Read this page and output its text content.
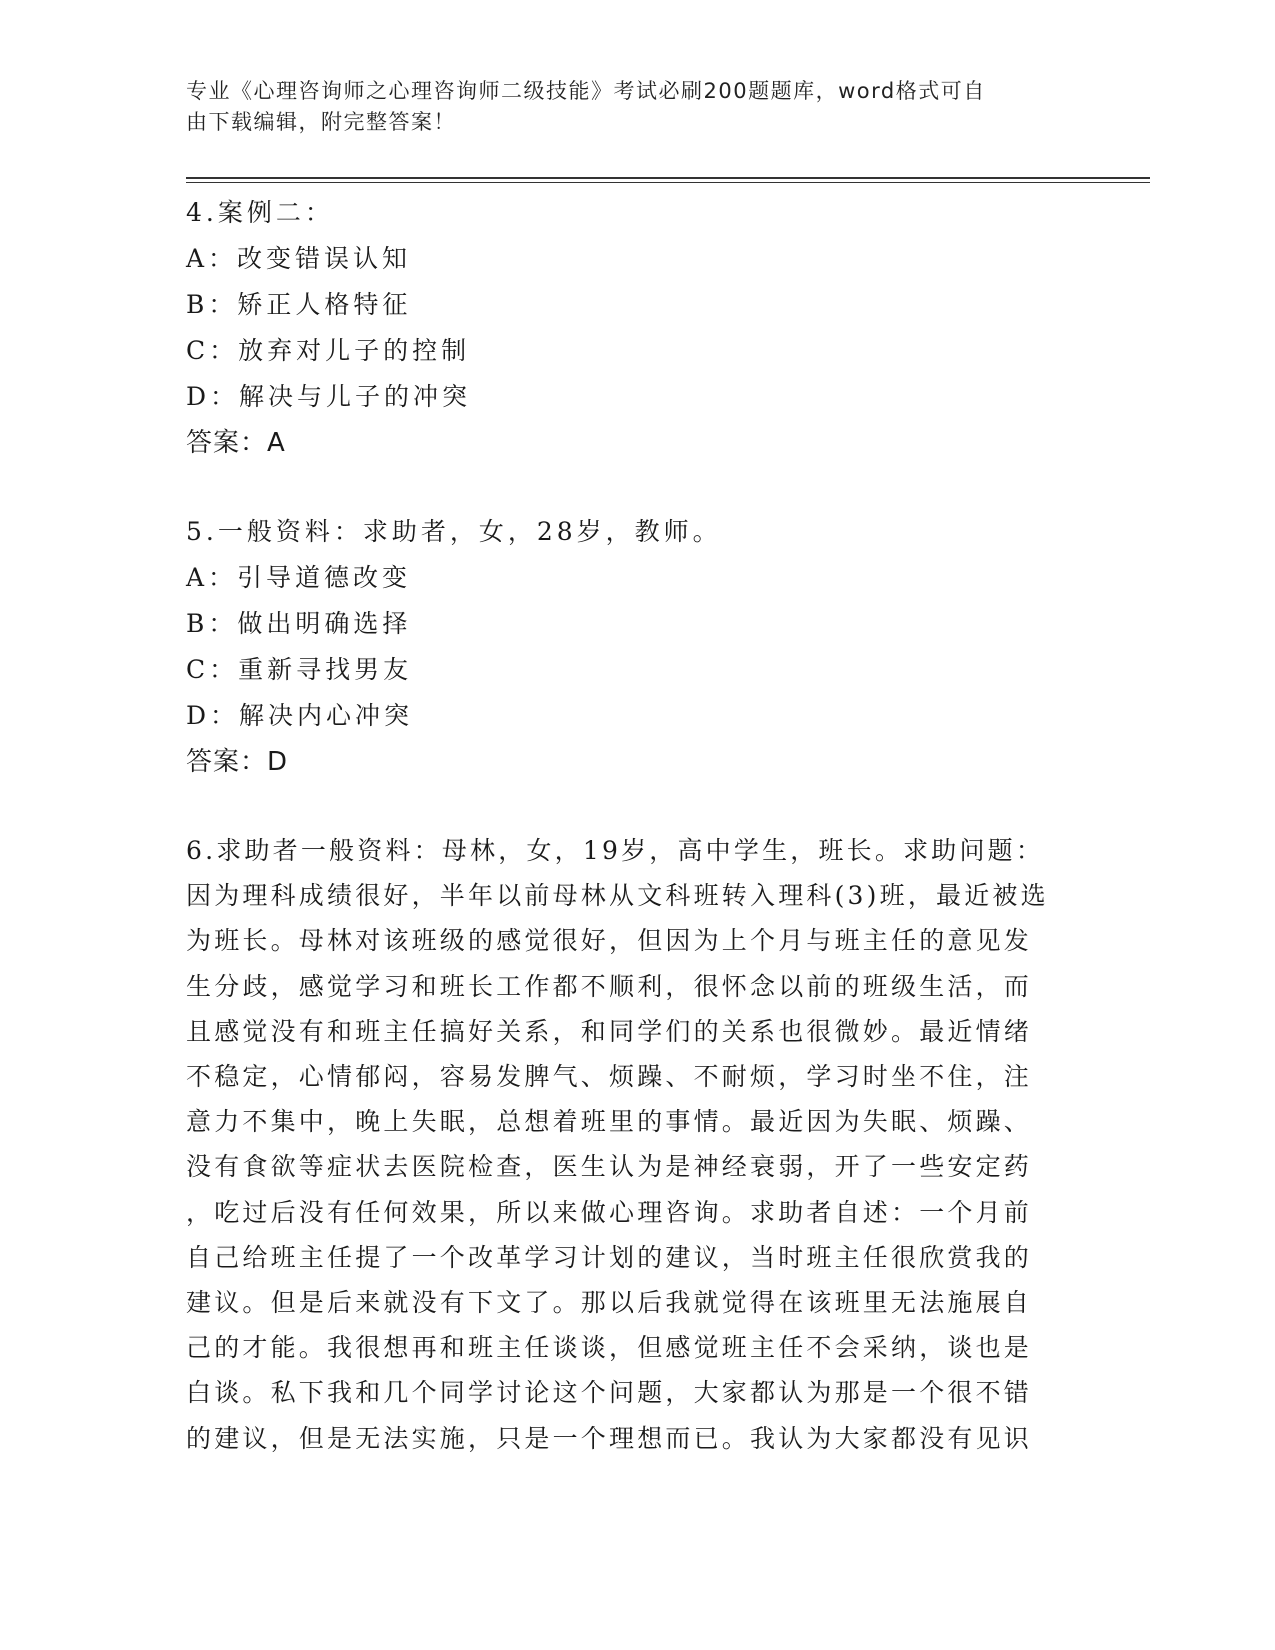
专业《心理咨询师之心理咨询师二级技能》考试必刷200题题库，word格式可自
由下载编辑，附完整答案！
4.案例二：
A：改变错误认知
B：矫正人格特征
C：放弃对儿子的控制
D：解决与儿子的冲突
答案：A
5.一般资料：求助者，女，28岁，教师。
A：引导道德改变
B：做出明确选择
C：重新寻找男友
D：解决内心冲突
答案：D
6.求助者一般资料：母林，女，19岁，高中学生，班长。求助问题：
因为理科成绩很好，半年以前母林从文科班转入理科(3)班，最近被选
为班长。母林对该班级的感觉很好，但因为上个月与班主任的意见发
生分歧，感觉学习和班长工作都不顺利，很怀念以前的班级生活，而
且感觉没有和班主任搞好关系，和同学们的关系也很微妙。最近情绪
不稳定，心情郁闷，容易发脾气、烦躁、不耐烦，学习时坐不住，注
意力不集中，晚上失眠，总想着班里的事情。最近因为失眠、烦躁、
没有食欲等症状去医院检查，医生认为是神经衰弱，开了一些安定药
，吃过后没有任何效果，所以来做心理咨询。求助者自述：一个月前
自己给班主任提了一个改革学习计划的建议，当时班主任很欣赏我的
建议。但是后来就没有下文了。那以后我就觉得在该班里无法施展自
己的才能。我很想再和班主任谈谈，但感觉班主任不会采纳，谈也是
白谈。私下我和几个同学讨论这个问题，大家都认为那是一个很不错
的建议，但是无法实施，只是一个理想而已。我认为大家都没有见识
